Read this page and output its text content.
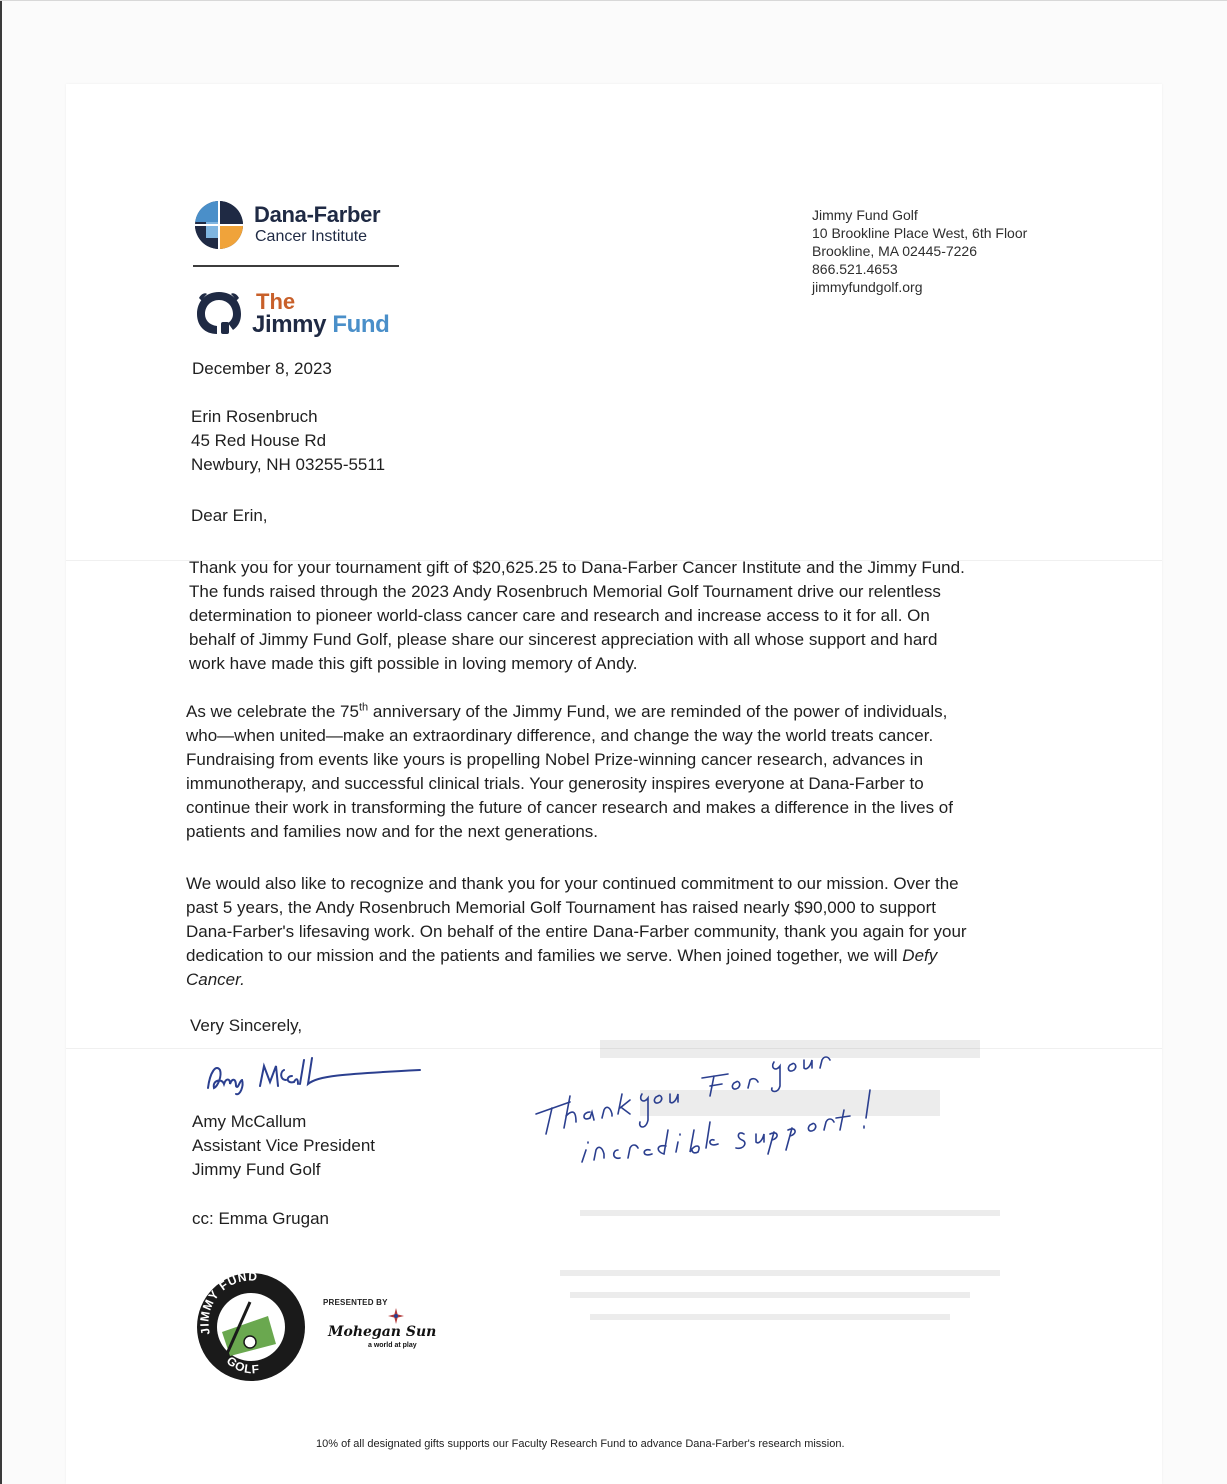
Dana-Farber
Cancer Institute
The
Jimmy Fund
Jimmy Fund Golf
10 Brookline Place West, 6th Floor
Brookline, MA 02445-7226
866.521.4653
jimmyfundgolf.org
December 8, 2023
Erin Rosenbruch
45 Red House Rd
Newbury, NH 03255-5511
Dear Erin,
Thank you for your tournament gift of $20,625.25 to Dana-Farber Cancer Institute and the Jimmy Fund.
The funds raised through the 2023 Andy Rosenbruch Memorial Golf Tournament drive our relentless
determination to pioneer world-class cancer care and research and increase access to it for all. On
behalf of Jimmy Fund Golf, please share our sincerest appreciation with all whose support and hard
work have made this gift possible in loving memory of Andy.
As we celebrate the 75th anniversary of the Jimmy Fund, we are reminded of the power of individuals,
who—when united—make an extraordinary difference, and change the way the world treats cancer.
Fundraising from events like yours is propelling Nobel Prize-winning cancer research, advances in
immunotherapy, and successful clinical trials. Your generosity inspires everyone at Dana-Farber to
continue their work in transforming the future of cancer research and makes a difference in the lives of
patients and families now and for the next generations.
We would also like to recognize and thank you for your continued commitment to our mission. Over the
past 5 years, the Andy Rosenbruch Memorial Golf Tournament has raised nearly $90,000 to support
Dana-Farber's lifesaving work. On behalf of the entire Dana-Farber community, thank you again for your
dedication to our mission and the patients and families we serve. When joined together, we will Defy
Cancer.
Very Sincerely,
Amy McCallum
Assistant Vice President
Jimmy Fund Golf
cc: Emma Grugan
JIMMY FUND
GOLF
PRESENTED BY
Mohegan Sun
a world at play
10% of all designated gifts supports our Faculty Research Fund to advance Dana-Farber's research mission.
